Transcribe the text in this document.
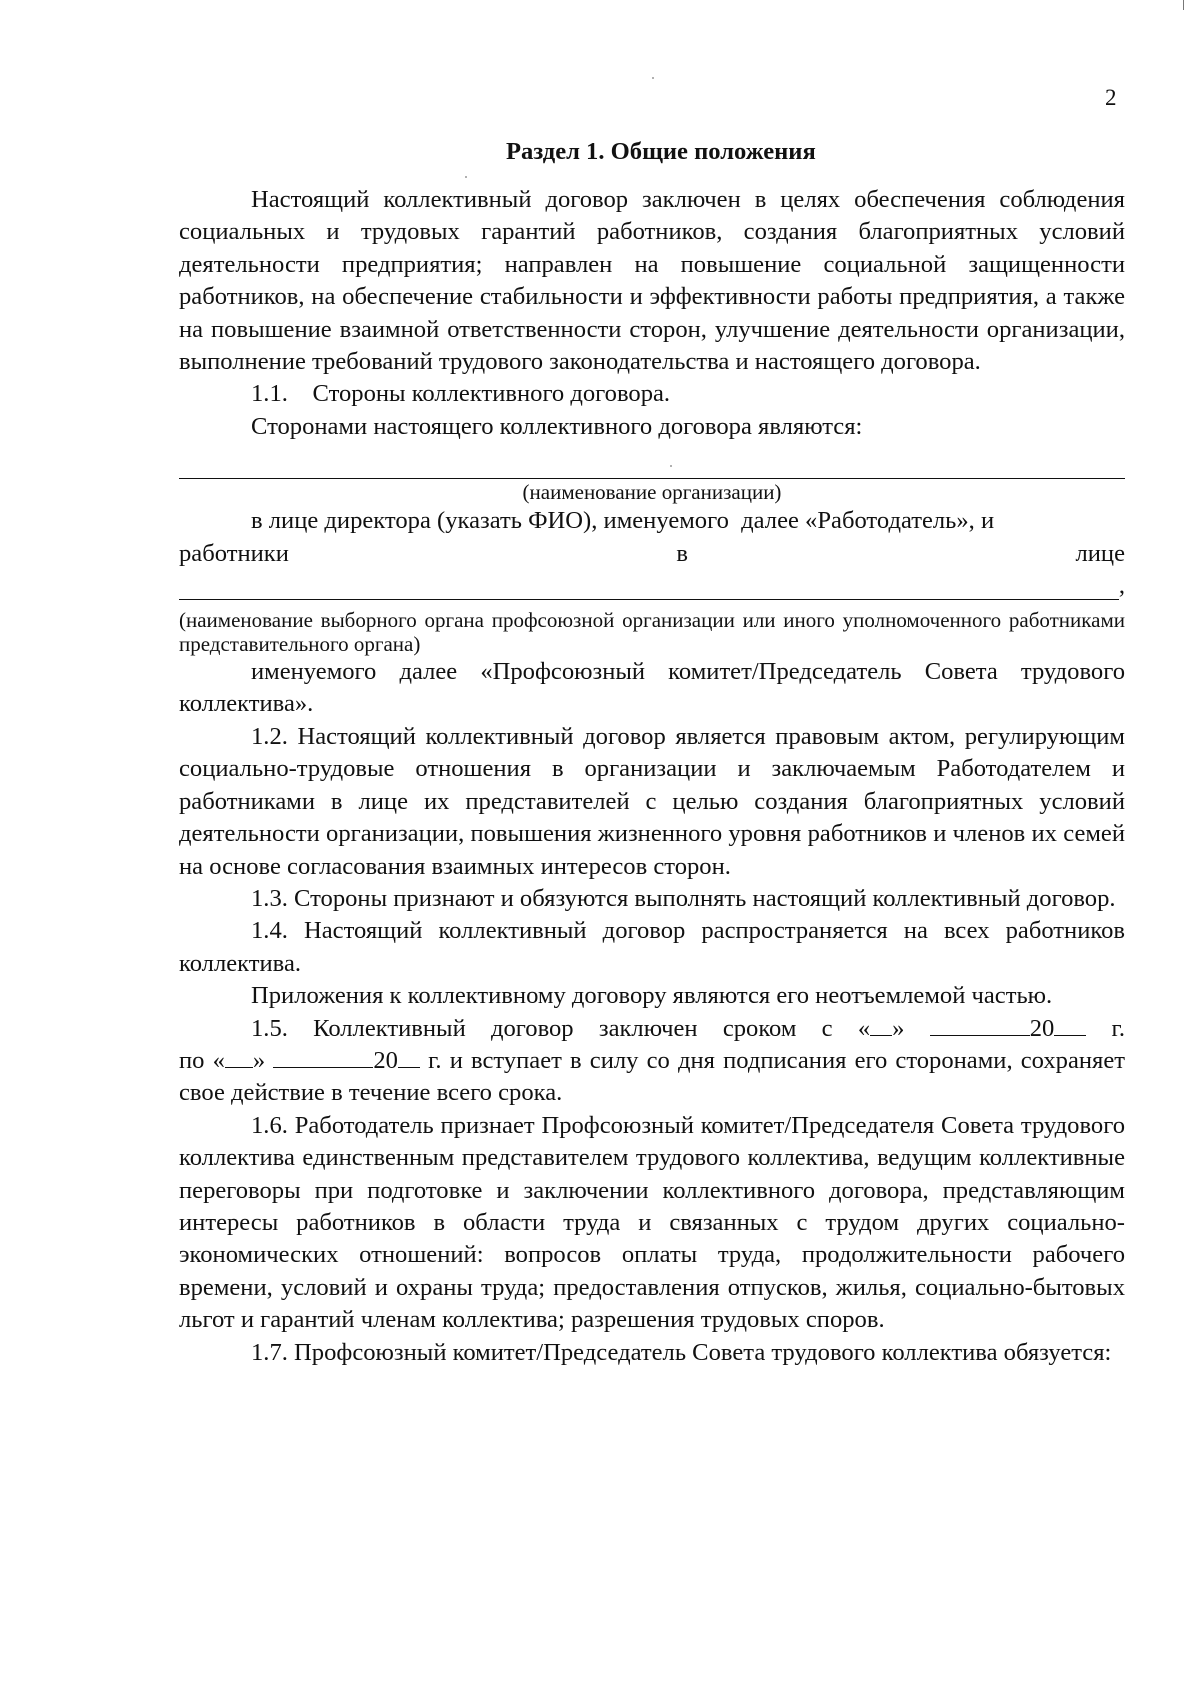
2
Раздел 1. Общие положения

Настоящий коллективный договор заключен в целях обеспечения соблюдения социальных и трудовых гарантий работников, создания благоприятных условий деятельности предприятия; направлен на повышение социальной защищенности работников, на обеспечение стабильности и эффективности работы предприятия, а также на повышение взаимной ответственности сторон, улучшение деятельности организации, выполнение требований трудового законодательства и настоящего договора.

1.1.    Стороны коллективного договора.

Сторонами настоящего коллективного договора являются:

(наименование организации)

в лице директора (указать ФИО), именуемого  далее «Работодатель», и

работники	в	лице
,
(наименование выборного органа профсоюзной организации или иного уполномоченного работниками представительного органа)

именуемого далее «Профсоюзный комитет/Председатель Совета трудового коллектива».

1.2. Настоящий коллективный договор является правовым актом, регулирующим социально-трудовые отношения в организации и заключаемым Работодателем и работниками в лице их представителей с целью создания благоприятных условий деятельности организации, повышения жизненного уровня работников и членов их семей на основе согласования взаимных интересов сторон.

1.3. Стороны признают и обязуются выполнять настоящий коллективный договор.

1.4. Настоящий коллективный договор распространяется на всех работников коллектива.

Приложения к коллективному договору являются его неотъемлемой частью.

1.5. Коллективный договор заключен сроком с « »	20 г.

по « »	20 г. и вступает в силу со дня подписания его сторонами, сохраняет свое действие в течение всего срока.

1.6. Работодатель признает Профсоюзный комитет/Председателя Совета трудового коллектива единственным представителем трудового коллектива, ведущим коллективные переговоры при подготовке и заключении коллективного договора, представляющим интересы работников в области труда и связанных с трудом других социально-экономических отношений: вопросов оплаты труда, продолжительности рабочего времени, условий и охраны труда; предоставления отпусков, жилья, социально-бытовых льгот и гарантий членам коллектива; разрешения трудовых споров.

1.7. Профсоюзный комитет/Председатель Совета трудового коллектива обязуется:
